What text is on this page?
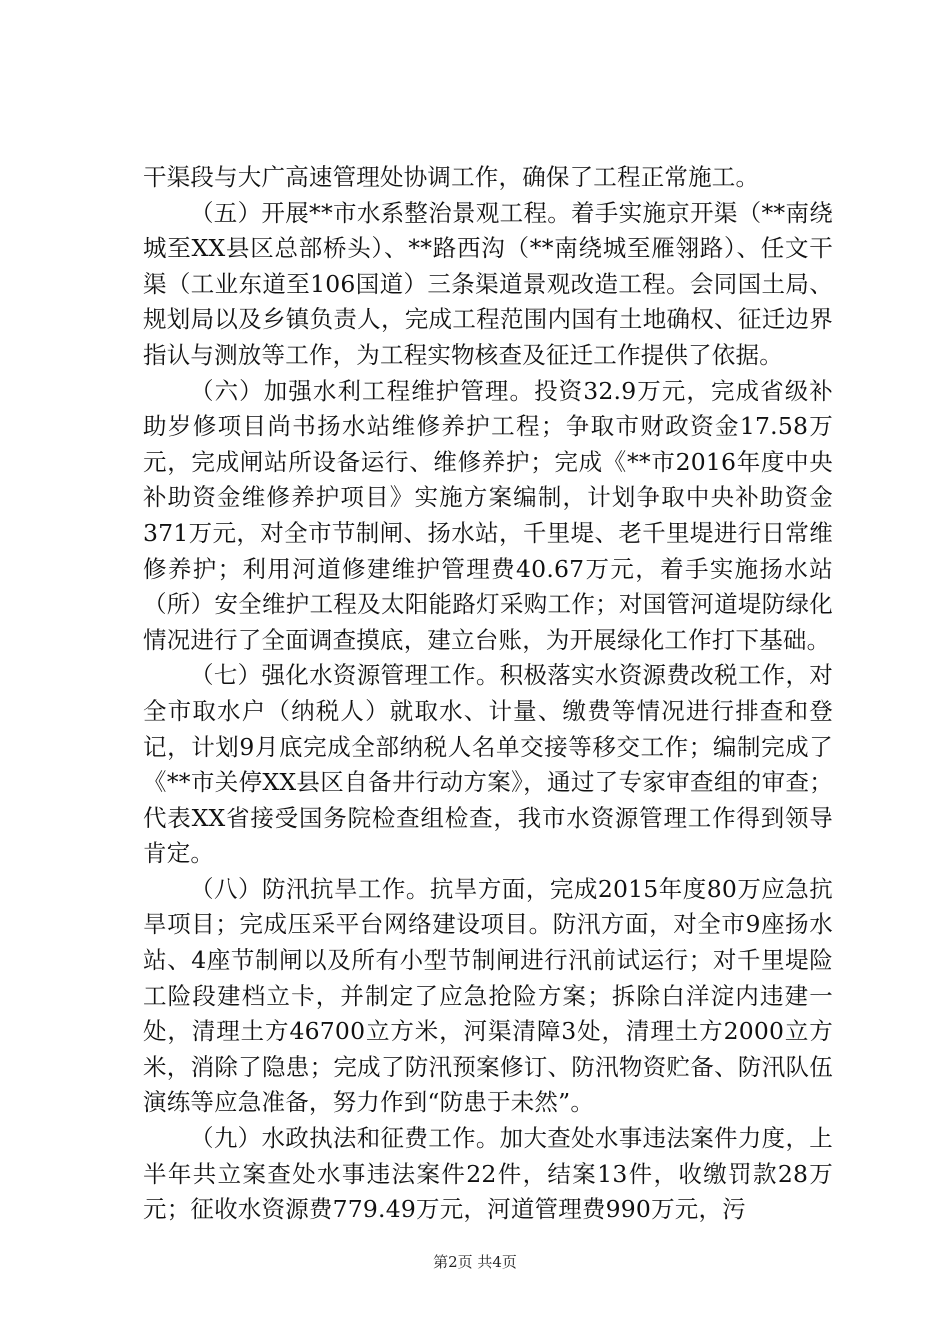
干渠段与大广高速管理处协调工作，确保了工程正常施工。

（五）开展**市水系整治景观工程。着手实施京开渠（**南绕城至XX县区总部桥头）、**路西沟（**南绕城至雁翎路）、任文干渠（工业东道至106国道）三条渠道景观改造工程。会同国土局、规划局以及乡镇负责人，完成工程范围内国有土地确权、征迁边界指认与测放等工作，为工程实物核查及征迁工作提供了依据。

（六）加强水利工程维护管理。投资32.9万元，完成省级补助岁修项目尚书扬水站维修养护工程；争取市财政资金17.58万元，完成闸站所设备运行、维修养护；完成《**市2016年度中央补助资金维修养护项目》实施方案编制，计划争取中央补助资金371万元，对全市节制闸、扬水站，千里堤、老千里堤进行日常维修养护；利用河道修建维护管理费40.67万元，着手实施扬水站（所）安全维护工程及太阳能路灯采购工作；对国管河道堤防绿化情况进行了全面调查摸底，建立台账，为开展绿化工作打下基础。

（七）强化水资源管理工作。积极落实水资源费改税工作，对全市取水户（纳税人）就取水、计量、缴费等情况进行排查和登记，计划9月底完成全部纳税人名单交接等移交工作；编制完成了《**市关停XX县区自备井行动方案》，通过了专家审查组的审查；代表XX省接受国务院检查组检查，我市水资源管理工作得到领导肯定。

（八）防汛抗旱工作。抗旱方面，完成2015年度80万应急抗旱项目；完成压采平台网络建设项目。防汛方面，对全市9座扬水站、4座节制闸以及所有小型节制闸进行汛前试运行；对千里堤险工险段建档立卡，并制定了应急抢险方案；拆除白洋淀内违建一处，清理土方46700立方米，河渠清障3处，清理土方2000立方米，消除了隐患；完成了防汛预案修订、防汛物资贮备、防汛队伍演练等应急准备，努力作到“防患于未然”。

（九）水政执法和征费工作。加大查处水事违法案件力度，上半年共立案查处水事违法案件22件，结案13件，收缴罚款28万元；征收水资源费779.49万元，河道管理费990万元，污

第2页 共4页
